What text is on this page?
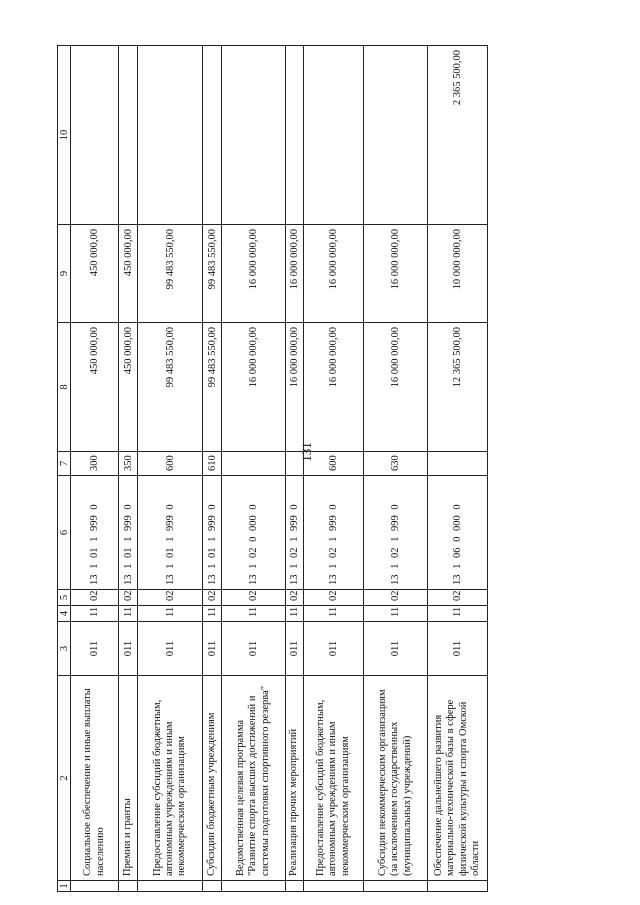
131
1	2	3	4	5	6	7	8	9	10
	Социальное обеспечение и иные выплаты населению	011	11	02	13 1 01 1 999 0	300	450 000,00	450 000,00	
	Премии и гранты	011	11	02	13 1 01 1 999 0	350	450 000,00	450 000,00	
	Предоставление субсидий бюджетным, автономным учреждениям и иным некоммерческим организациям	011	11	02	13 1 01 1 999 0	600	99 483 550,00	99 483 550,00	
	Субсидии бюджетным учреждениям	011	11	02	13 1 01 1 999 0	610	99 483 550,00	99 483 550,00	
	Ведомственная целевая программа "Развитие спорта высших достижений и системы подготовки спортивного резерва"	011	11	02	13 1 02 0 000 0		16 000 000,00	16 000 000,00	
	Реализация прочих мероприятий	011	11	02	13 1 02 1 999 0		16 000 000,00	16 000 000,00	
	Предоставление субсидий бюджетным, автономным учреждениям и иным некоммерческим организациям	011	11	02	13 1 02 1 999 0	600	16 000 000,00	16 000 000,00	
	Субсидии некоммерческим организациям (за исключением государственных (муниципальных) учреждений)	011	11	02	13 1 02 1 999 0	630	16 000 000,00	16 000 000,00	
	Обеспечение дальнейшего развития материально-технической базы в сфере физической культуры и спорта Омской области	011	11	02	13 1 06 0 000 0		12 365 500,00	10 000 000,00	2 365 500,00
